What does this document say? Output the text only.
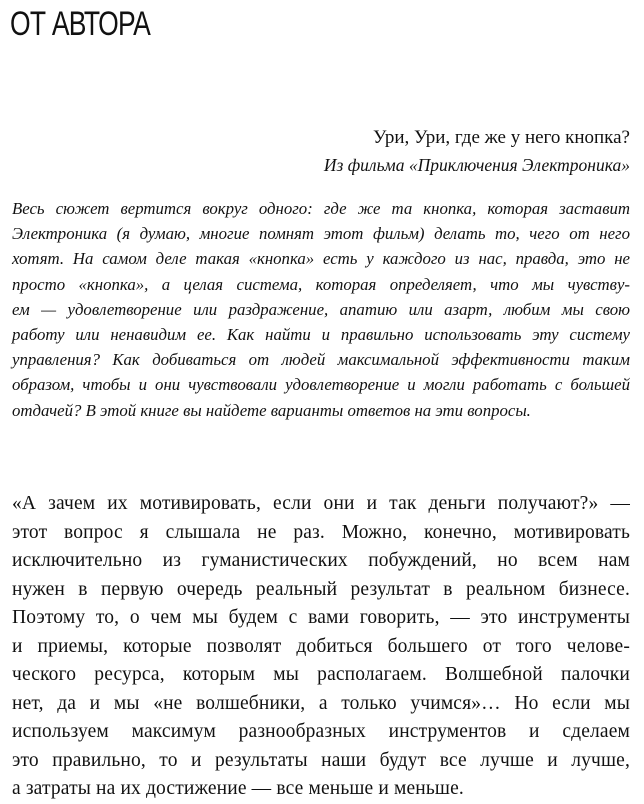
ОТ АВТОРА

Ури, Ури, где же у него кнопка?

Из фильма «Приключения Электроника»

Весь сюжет вертится вокруг одного: где же та кнопка, которая заставит
Электроника (я думаю, многие помнят этот фильм) делать то, чего от него
хотят. На самом деле такая «кнопка» есть у каждого из нас, правда, это не
просто «кнопка», а целая система, которая определяет, что мы чувству-
ем — удовлетворение или раздражение, апатию или азарт, любим мы свою
работу или ненавидим ее. Как найти и правильно использовать эту систему
управления? Как добиваться от людей максимальной эффективности таким
образом, чтобы и они чувствовали удовлетворение и могли работать с большей
отдачей? В этой книге вы найдете варианты ответов на эти вопросы.
«А зачем их мотивировать, если они и так деньги получают?» —
этот вопрос я слышала не раз. Можно, конечно, мотивировать
исключительно из гуманистических побуждений, но всем нам
нужен в первую очередь реальный результат в реальном бизнесе.
Поэтому то, о чем мы будем с вами говорить, — это инструменты
и приемы, которые позволят добиться большего от того челове-
ческого ресурса, которым мы располагаем. Волшебной палочки
нет, да и мы «не волшебники, а только учимся»… Но если мы
используем максимум разнообразных инструментов и сделаем
это правильно, то и результаты наши будут все лучше и лучше,
а затраты на их достижение — все меньше и меньше.
